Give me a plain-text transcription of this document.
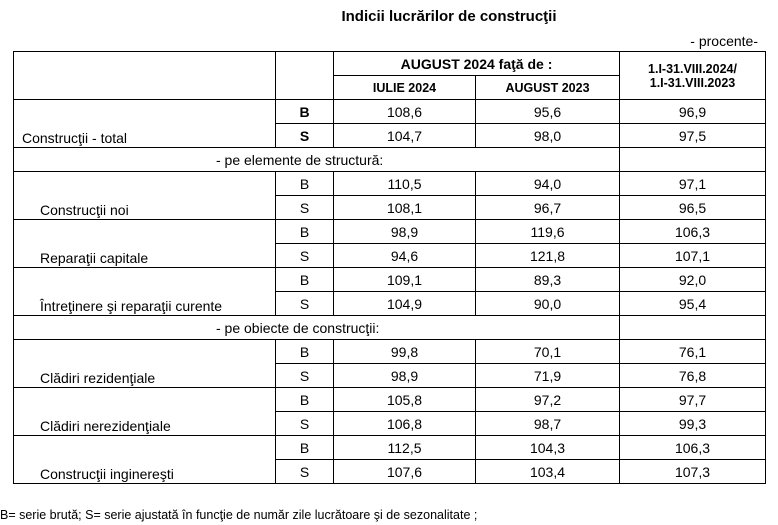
Indicii lucrărilor de construcţii
- procente-
		AUGUST 2024 faţă de :		1.I-31.VIII.2024/
1.I-31.VIII.2023

		IULIE 2024	AUGUST 2023	
Construcţii - total	B	108,6	95,6	96,9
	S	104,7	98,0	97,5
- pe elemente de structură:				
Construcţii noi	B	110,5	94,0	97,1
	S	108,1	96,7	96,5
Reparaţii capitale	B	98,9	119,6	106,3
	S	94,6	121,8	107,1
Întreţinere şi reparaţii curente	B	109,1	89,3	92,0
	S	104,9	90,0	95,4
- pe obiecte de construcţii:				
Clădiri rezidenţiale	B	99,8	70,1	76,1
	S	98,9	71,9	76,8
Clădiri nerezidenţiale	B	105,8	97,2	97,7
	S	106,8	98,7	99,3
Construcţii inginereşti	B	112,5	104,3	106,3
	S	107,6	103,4	107,3
B= serie brută; S= serie ajustată în funcţie de număr zile lucrătoare şi de sezonalitate ;
